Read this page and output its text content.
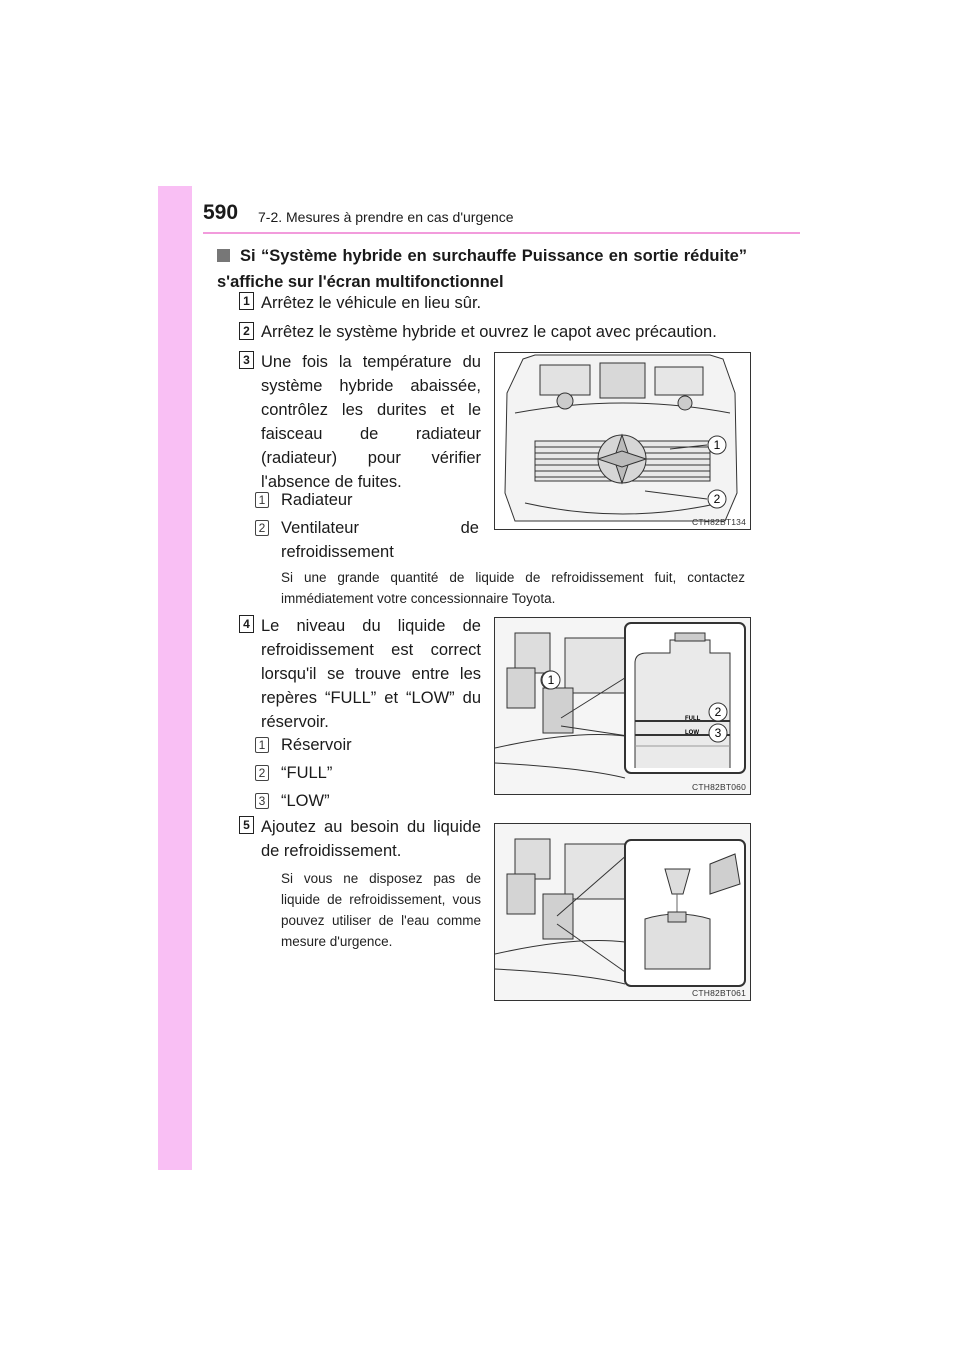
590 7-2. Mesures à prendre en cas d'urgence
Si “Système hybride en surchauffe Puissance en sortie réduite” s'affiche sur l'écran multifonctionnel
1 Arrêtez le véhicule en lieu sûr.
2 Arrêtez le système hybride et ouvrez le capot avec précaution.
3 Une fois la température du système hybride abaissée, contrôlez les durites et le faisceau de radiateur (radiateur) pour vérifier l'absence de fuites.
1 Radiateur
2 Ventilateur de refroidissement
Si une grande quantité de liquide de refroidissement fuit, contactez immédiatement votre concessionnaire Toyota.
1
2
CTH82BT134
4 Le niveau du liquide de refroidissement est correct lorsqu'il se trouve entre les repères “FULL” et “LOW” du réservoir.
1 Réservoir
2 “FULL”
3 “LOW”
FULL
LOW
1
2
3
CTH82BT060
5 Ajoutez au besoin du liquide de refroidissement.
Si vous ne disposez pas de liquide de refroidissement, vous pouvez utiliser de l'eau comme mesure d'urgence.
CTH82BT061
